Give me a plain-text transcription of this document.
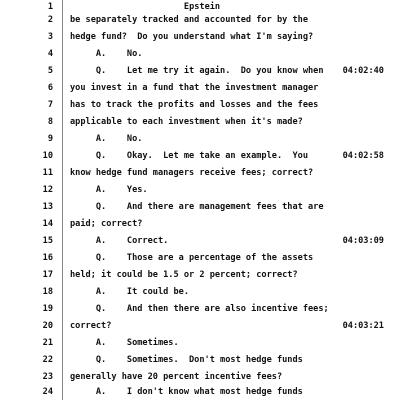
1	Epstein
2 be separately tracked and accounted for by the
3 hedge fund?  Do you understand what I'm saying?
4 A.    No.
5 Q.    Let me try it again.  Do you know when	04:02:40
6 you invest in a fund that the investment manager
7 has to track the profits and losses and the fees
8 applicable to each investment when it's made?
9 A.    No.
10 Q.    Okay.  Let me take an example.  You	04:02:58
11 know hedge fund managers receive fees; correct?
12 A.    Yes.
13 Q.    And there are management fees that are
14 paid; correct?
15 A.    Correct.	04:03:09
16 Q.    Those are a percentage of the assets
17 held; it could be 1.5 or 2 percent; correct?
18 A.    It could be.
19 Q.    And then there are also incentive fees;
20 correct?	04:03:21
21 A.    Sometimes.
22 Q.    Sometimes.  Don't most hedge funds
23 generally have 20 percent incentive fees?
24 A.    I don't know what most hedge funds
